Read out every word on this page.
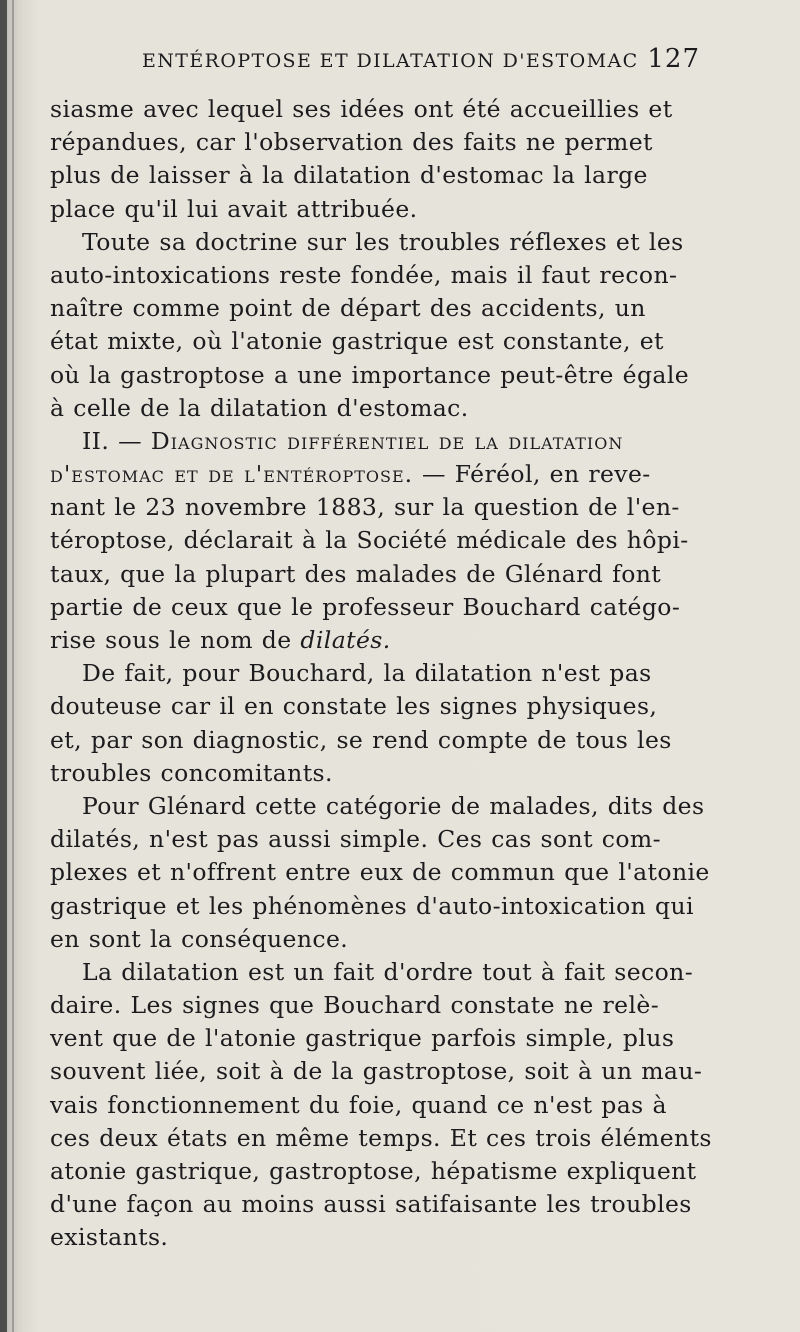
ENTÉROPTOSE ET DILATATION D'ESTOMAC 127
siasme avec lequel ses idées ont été accueillies et
répandues, car l'observation des faits ne permet
plus de laisser à la dilatation d'estomac la large
place qu'il lui avait attribuée.
Toute sa doctrine sur les troubles réflexes et les
auto-intoxications reste fondée, mais il faut recon-
naître comme point de départ des accidents, un
état mixte, où l'atonie gastrique est constante, et
où la gastroptose a une importance peut-être égale
à celle de la dilatation d'estomac.
II. — Diagnostic différentiel de la dilatation
d'estomac et de l'entéroptose. — Féréol, en reve-
nant le 23 novembre 1883, sur la question de l'en-
téroptose, déclarait à la Société médicale des hôpi-
taux, que la plupart des malades de Glénard font
partie de ceux que le professeur Bouchard catégo-
rise sous le nom de dilatés.
De fait, pour Bouchard, la dilatation n'est pas
douteuse car il en constate les signes physiques,
et, par son diagnostic, se rend compte de tous les
troubles concomitants.
Pour Glénard cette catégorie de malades, dits des
dilatés, n'est pas aussi simple. Ces cas sont com-
plexes et n'offrent entre eux de commun que l'atonie
gastrique et les phénomènes d'auto-intoxication qui
en sont la conséquence.
La dilatation est un fait d'ordre tout à fait secon-
daire. Les signes que Bouchard constate ne relè-
vent que de l'atonie gastrique parfois simple, plus
souvent liée, soit à de la gastroptose, soit à un mau-
vais fonctionnement du foie, quand ce n'est pas à
ces deux états en même temps. Et ces trois éléments
atonie gastrique, gastroptose, hépatisme expliquent
d'une façon au moins aussi satifaisante les troubles
existants.
